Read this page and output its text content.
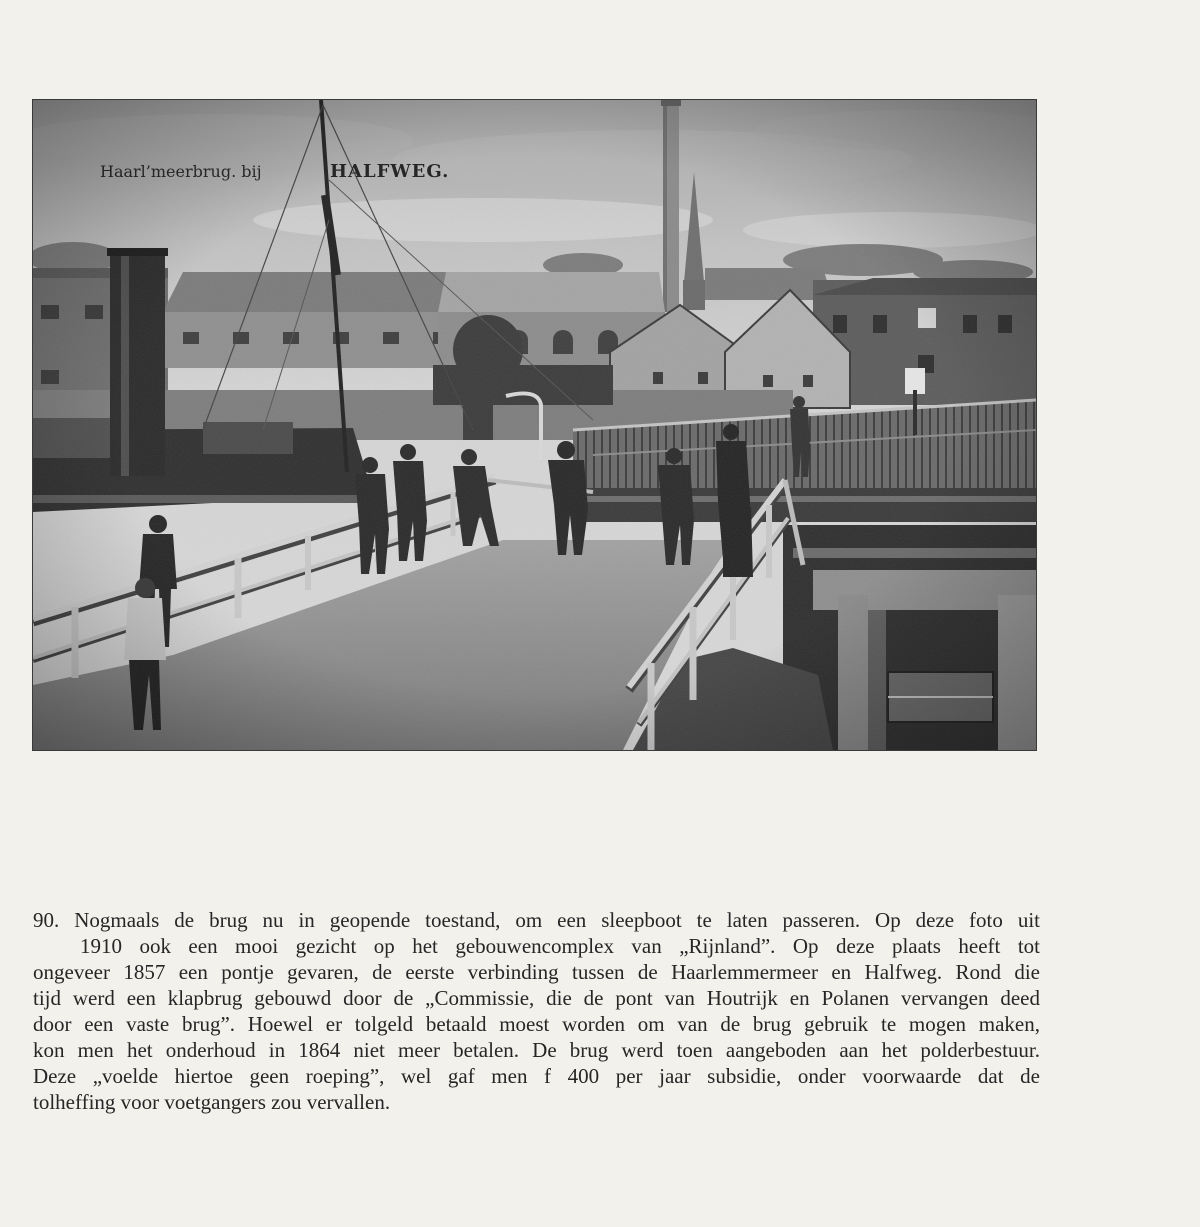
90. Nogmaals de brug nu in geopende toestand, om een sleepboot te laten passeren. Op deze foto uit
1910 ook een mooi gezicht op het gebouwencomplex van „Rijnland”. Op deze plaats heeft tot
ongeveer 1857 een pontje gevaren, de eerste verbinding tussen de Haarlemmermeer en Halfweg. Rond die
tijd werd een klapbrug gebouwd door de „Commissie, die de pont van Houtrijk en Polanen vervangen deed
door een vaste brug”. Hoewel er tolgeld betaald moest worden om van de brug gebruik te mogen maken,
kon men het onderhoud in 1864 niet meer betalen. De brug werd toen aangeboden aan het polderbestuur.
Deze „voelde hiertoe geen roeping”, wel gaf men f 400 per jaar subsidie, onder voorwaarde dat de
tolheffing voor voetgangers zou vervallen.
